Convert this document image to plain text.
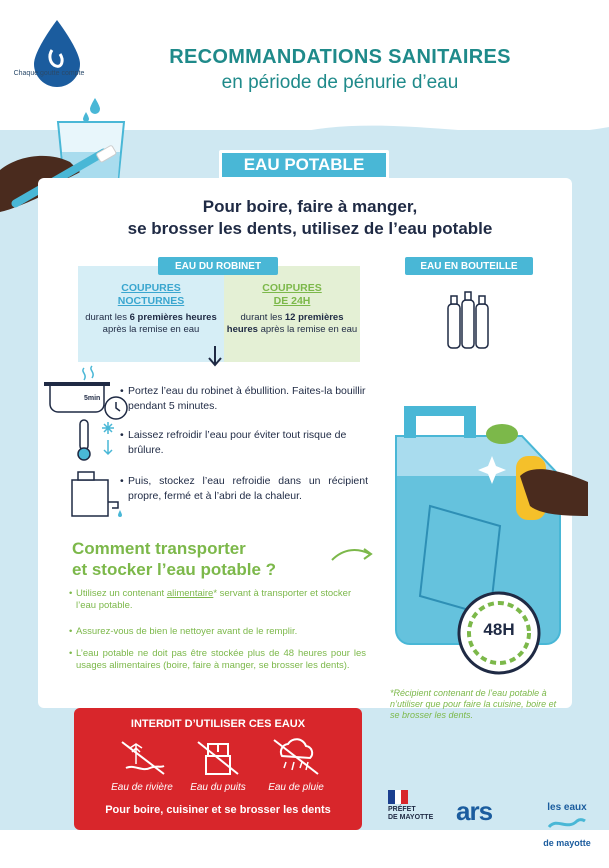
Chaque goutte compte
RECOMMANDATIONS SANITAIRES
en période de pénurie d’eau
EAU POTABLE
Pour boire, faire à manger,
se brosser les dents, utilisez de l’eau potable
COUPURES
NOCTURNES
durant les 6 premières heures après la remise en eau
COUPURES
DE 24H
durant les 12 premières heures après la remise en eau
EAU DU ROBINET	EAU EN BOUTEILLE
5min
• Portez l’eau du robinet à ébullition. Faites-la bouillir pendant 5 minutes.
• Laissez refroidir l’eau pour éviter tout risque de brûlure.
• Puis, stockez l’eau refroidie dans un récipient propre, fermé et à l’abri de la chaleur.
48H
Comment transporter
et stocker l’eau potable ?
• Utilisez un contenant alimentaire* servant à transporter et stocker l’eau potable.
• Assurez-vous de bien le nettoyer avant de le remplir.
• L’eau potable ne doit pas être stockée plus de 48 heures pour les usages alimentaires (boire, faire à manger, se brosser les dents).
*Récipient contenant de l’eau potable à n’utiliser que pour faire la cuisine, boire et se brosser les dents.
INTERDIT D’UTILISER CES EAUX
Eau de rivière	Eau du puits	Eau de pluie
Pour boire, cuisiner et se brosser les dents	PRÉFET
DE MAYOTTE ars	les eaux
de mayotte
